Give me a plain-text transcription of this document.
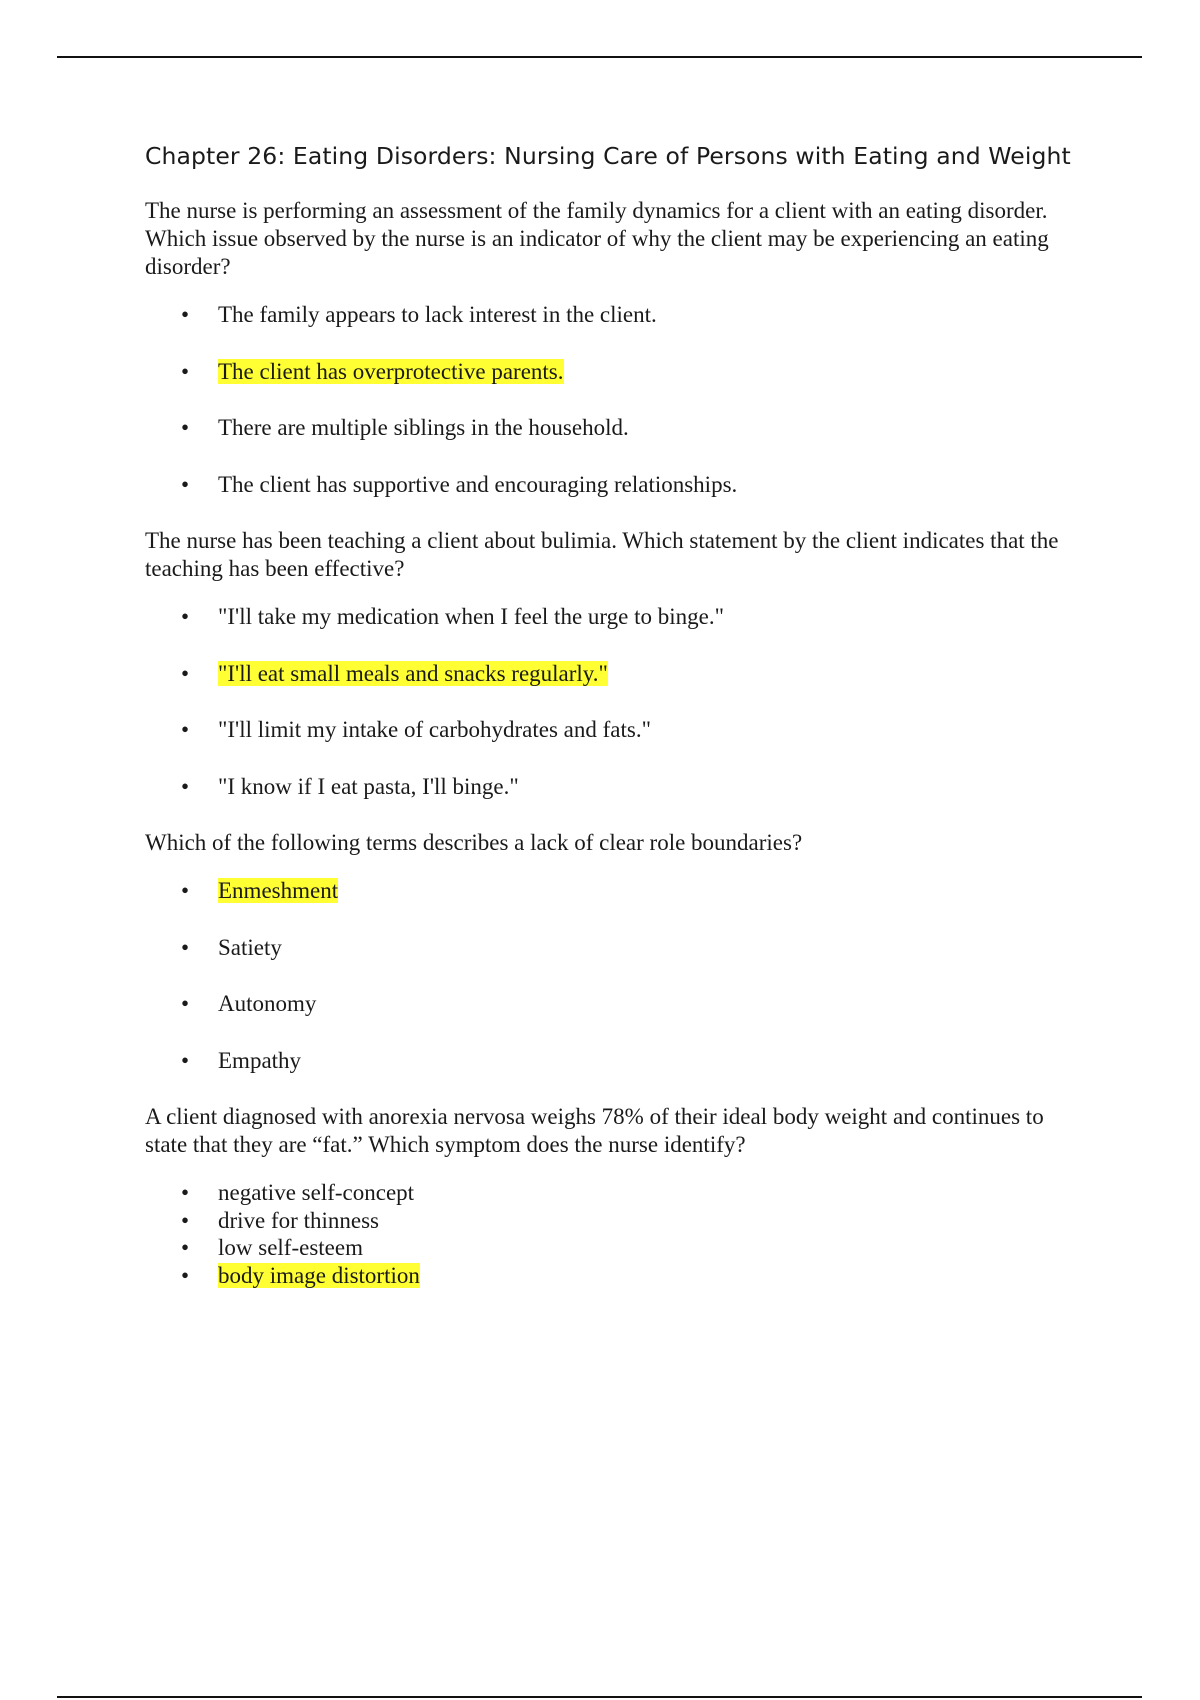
Chapter 26: Eating Disorders: Nursing Care of Persons with Eating and Weight

The nurse is performing an assessment of the family dynamics for a client with an eating disorder. Which issue observed by the nurse is an indicator of why the client may be experiencing an eating disorder?

• The family appears to lack interest in the client.
• The client has overprotective parents.
• There are multiple siblings in the household.
• The client has supportive and encouraging relationships.

The nurse has been teaching a client about bulimia. Which statement by the client indicates that the teaching has been effective?

• "I'll take my medication when I feel the urge to binge."
• "I'll eat small meals and snacks regularly."
• "I'll limit my intake of carbohydrates and fats."
• "I know if I eat pasta, I'll binge."

Which of the following terms describes a lack of clear role boundaries?

• Enmeshment
• Satiety
• Autonomy
• Empathy

A client diagnosed with anorexia nervosa weighs 78% of their ideal body weight and continues to state that they are “fat.” Which symptom does the nurse identify?

• negative self-concept
• drive for thinness
• low self-esteem
• body image distortion
